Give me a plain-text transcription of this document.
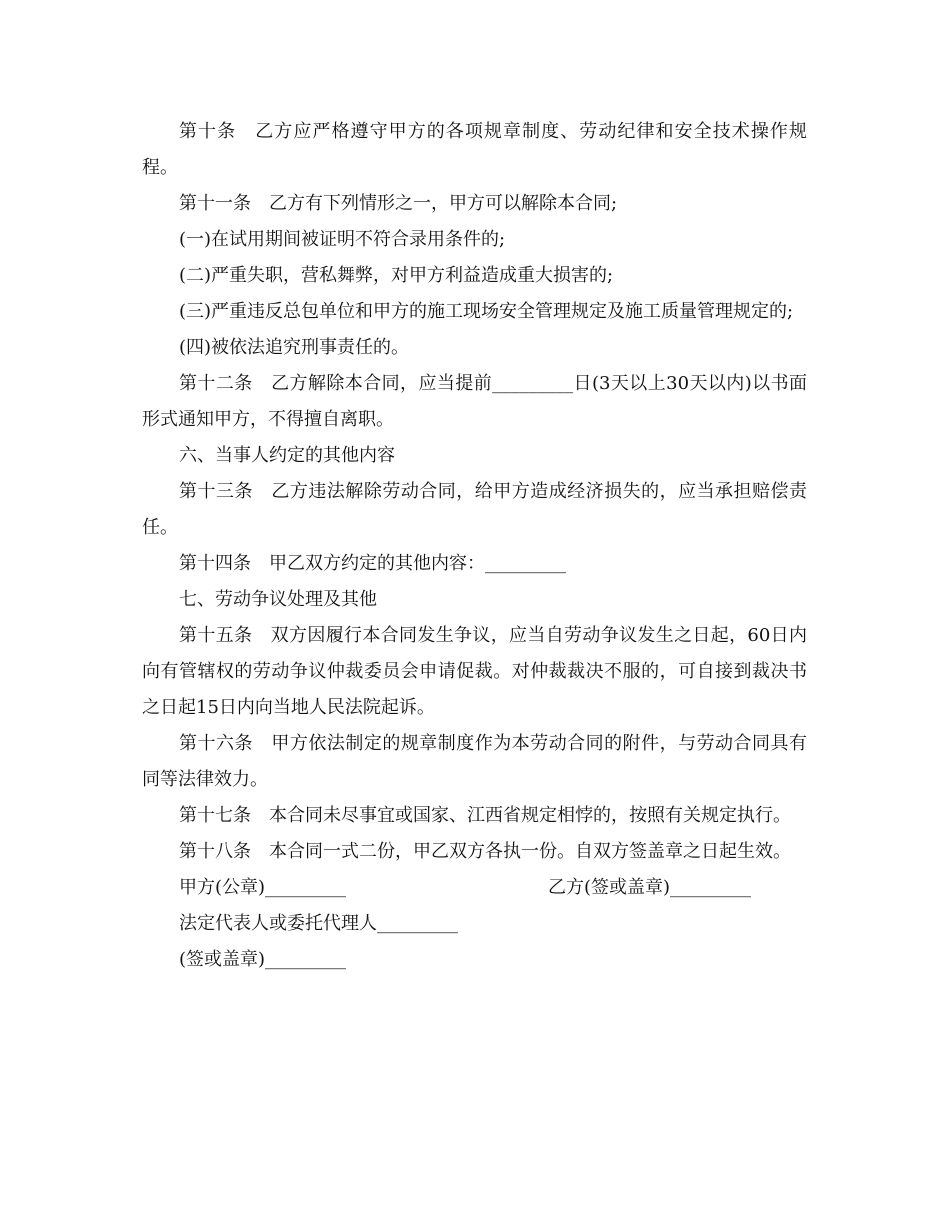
第十条　乙方应严格遵守甲方的各项规章制度、劳动纪律和安全技术操作规程。

第十一条　乙方有下列情形之一，甲方可以解除本合同;

(一)在试用期间被证明不符合录用条件的;

(二)严重失职，营私舞弊，对甲方利益造成重大损害的;

(三)严重违反总包单位和甲方的施工现场安全管理规定及施工质量管理规定的;

(四)被依法追究刑事责任的。

第十二条　乙方解除本合同，应当提前_________日(3天以上30天以内)以书面形式通知甲方，不得擅自离职。

六、当事人约定的其他内容

第十三条　乙方违法解除劳动合同，给甲方造成经济损失的，应当承担赔偿责任。

第十四条　甲乙双方约定的其他内容：_________

七、劳动争议处理及其他

第十五条　双方因履行本合同发生争议，应当自劳动争议发生之日起，60日内向有管辖权的劳动争议仲裁委员会申请促裁。对仲裁裁决不服的，可自接到裁决书之日起15日内向当地人民法院起诉。

第十六条　甲方依法制定的规章制度作为本劳动合同的附件，与劳动合同具有同等法律效力。

第十七条　本合同未尽事宜或国家、江西省规定相悖的，按照有关规定执行。

第十八条　本合同一式二份，甲乙双方各执一份。自双方签盖章之日起生效。

甲方(公章)_________	乙方(签或盖章)_________

法定代表人或委托代理人_________

(签或盖章)_________
